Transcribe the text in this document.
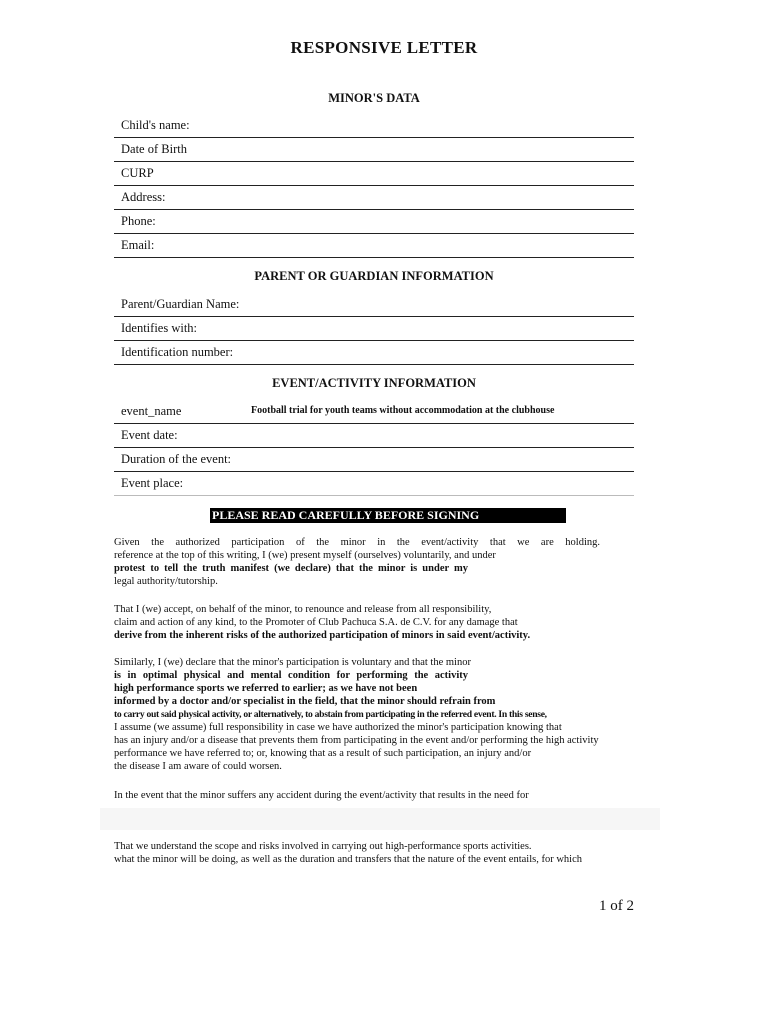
RESPONSIVE LETTER
MINOR'S DATA
Child's name:
Date of Birth
CURP
Address:
Phone:
Email:
PARENT OR GUARDIAN INFORMATION
Parent/Guardian Name:
Identifies with:
Identification number:
EVENT/ACTIVITY INFORMATION
event_name	Football trial for youth teams without accommodation at the clubhouse
Event date:
Duration of the event:
Event place:
PLEASE READ CAREFULLY BEFORE SIGNING
Given the authorized participation of the minor in the event/activity that we are holding.
reference at the top of this writing, I (we) present myself (ourselves) voluntarily, and under
protest to tell the truth manifest (we declare) that the minor is under my
legal authority/tutorship.
That I (we) accept, on behalf of the minor, to renounce and release from all responsibility,
claim and action of any kind, to the Promoter of Club Pachuca S.A. de C.V. for any damage that
derive from the inherent risks of the authorized participation of minors in said event/activity.
Similarly, I (we) declare that the minor's participation is voluntary and that the minor
is in optimal physical and mental condition for performing the activity
high performance sports we referred to earlier; as we have not been
informed by a doctor and/or specialist in the field, that the minor should refrain from
to carry out said physical activity, or alternatively, to abstain from participating in the referred event. In this sense,
I assume (we assume) full responsibility in case we have authorized the minor's participation knowing that
has an injury and/or a disease that prevents them from participating in the event and/or performing the high activity
performance we have referred to; or, knowing that as a result of such participation, an injury and/or
the disease I am aware of could worsen.
In the event that the minor suffers any accident during the event/activity that results in the need for
That we understand the scope and risks involved in carrying out high-performance sports activities.
what the minor will be doing, as well as the duration and transfers that the nature of the event entails, for which
1 of 2
